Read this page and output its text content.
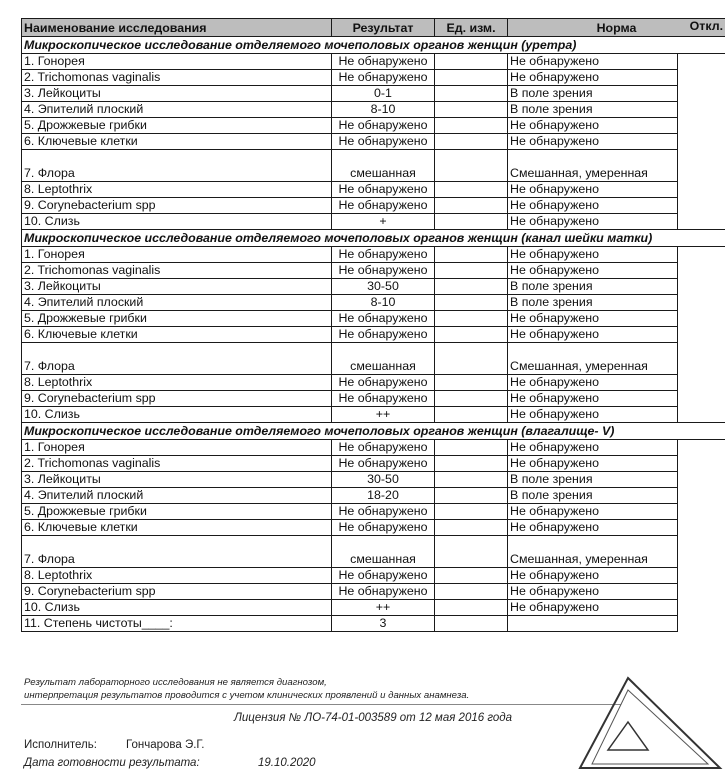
Наименование исследования	Результат	Ед. изм.	Норма Откл.	

Микроскопическое исследование отделяемого мочеполовых органов женщин (уретра)				
1. Гонорея	Не обнаружено		Не обнаружено	
2. Trichomonas vaginalis	Не обнаружено		Не обнаружено	
3. Лейкоциты	0-1		В поле зрения	
4. Эпителий плоский	8-10		В поле зрения	
5. Дрожжевые грибки	Не обнаружено		Не обнаружено	
6. Ключевые клетки	Не обнаружено		Не обнаружено	
7. Флора	смешанная		Смешанная, умеренная	
8. Leptothrix	Не обнаружено		Не обнаружено	
9. Corynebacterium spp	Не обнаружено		Не обнаружено	
10. Слизь	+		Не обнаружено	
Микроскопическое исследование отделяемого мочеполовых органов женщин (канал шейки матки)				
1. Гонорея	Не обнаружено		Не обнаружено	
2. Trichomonas vaginalis	Не обнаружено		Не обнаружено	
3. Лейкоциты	30-50		В поле зрения	
4. Эпителий плоский	8-10		В поле зрения	
5. Дрожжевые грибки	Не обнаружено		Не обнаружено	
6. Ключевые клетки	Не обнаружено		Не обнаружено	
7. Флора	смешанная		Смешанная, умеренная	
8. Leptothrix	Не обнаружено		Не обнаружено	
9. Corynebacterium spp	Не обнаружено		Не обнаружено	
10. Слизь	++		Не обнаружено	
Микроскопическое исследование отделяемого мочеполовых органов женщин (влагалище- V)				
1. Гонорея	Не обнаружено		Не обнаружено	
2. Trichomonas vaginalis	Не обнаружено		Не обнаружено	
3. Лейкоциты	30-50		В поле зрения	
4. Эпителий плоский	18-20		В поле зрения	
5. Дрожжевые грибки	Не обнаружено		Не обнаружено	
6. Ключевые клетки	Не обнаружено		Не обнаружено	
7. Флора	смешанная		Смешанная, умеренная	
8. Leptothrix	Не обнаружено		Не обнаружено	
9. Corynebacterium spp	Не обнаружено		Не обнаружено	
10. Слизь	++		Не обнаружено	
11. Степень чистоты____:	3			
Результат лабораторного исследования не является диагнозом,
интерпретация результатов проводится с учетом клинических проявлений и данных анамнеза.
Лицензия № ЛО-74-01-003589 от 12 мая 2016 года
Исполнитель:	Гончарова Э.Г.
Дата готовности результата:	19.10.2020
